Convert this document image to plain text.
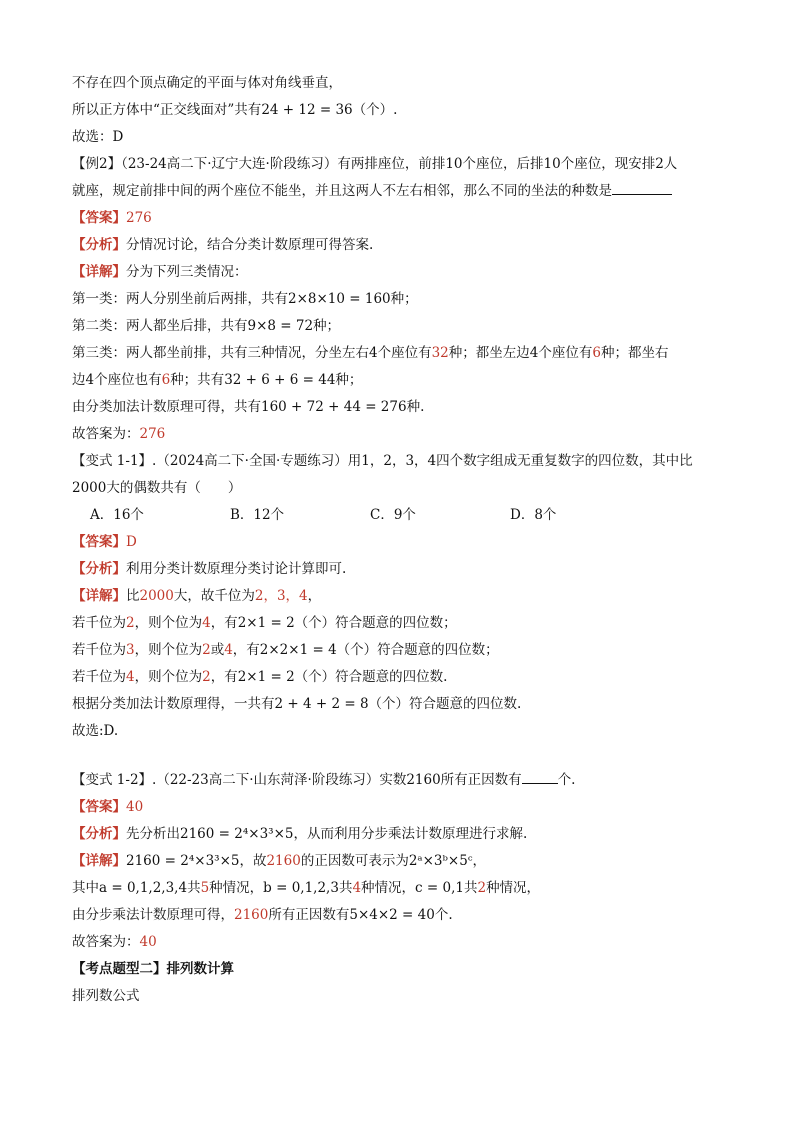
不存在四个顶点确定的平面与体对角线垂直，
所以正方体中“正交线面对”共有24 + 12 = 36（个）.
故选：D
【例2】（23-24高二下·辽宁大连·阶段练习）有两排座位，前排10个座位，后排10个座位，现安排2人
就座，规定前排中间的两个座位不能坐，并且这两人不左右相邻，那么不同的坐法的种数是
【答案】276
【分析】分情况讨论，结合分类计数原理可得答案.
【详解】分为下列三类情况：
第一类：两人分别坐前后两排，共有2×8×10 = 160种；
第二类：两人都坐后排，共有9×8 = 72种；
第三类：两人都坐前排，共有三种情况，分坐左右4个座位有32种；都坐左边4个座位有6种；都坐右
边4个座位也有6种；共有32 + 6 + 6 = 44种；
由分类加法计数原理可得，共有160 + 72 + 44 = 276种.
故答案为：276
【变式 1-1】.（2024高二下·全国·专题练习）用1，2，3，4四个数字组成无重复数字的四位数，其中比
2000大的偶数共有（　　）
A．16个	B．12个	C．9个	D．8个
【答案】D
【分析】利用分类计数原理分类讨论计算即可.
【详解】比2000大，故千位为2，3，4，
若千位为2，则个位为4，有2×1 = 2（个）符合题意的四位数；
若千位为3，则个位为2或4，有2×2×1 = 4（个）符合题意的四位数；
若千位为4，则个位为2，有2×1 = 2（个）符合题意的四位数.
根据分类加法计数原理得，一共有2 + 4 + 2 = 8（个）符合题意的四位数.
故选:D.
【变式 1-2】.（22-23高二下·山东菏泽·阶段练习）实数2160所有正因数有	个.
【答案】40
【分析】先分析出2160 = 2⁴×3³×5，从而利用分步乘法计数原理进行求解.
【详解】2160 = 2⁴×3³×5，故2160的正因数可表示为2ᵃ×3ᵇ×5ᶜ，
其中a = 0,1,2,3,4共5种情况，b = 0,1,2,3共4种情况，c = 0,1共2种情况，
由分步乘法计数原理可得，2160所有正因数有5×4×2 = 40个.
故答案为：40
【考点题型二】排列数计算
排列数公式
